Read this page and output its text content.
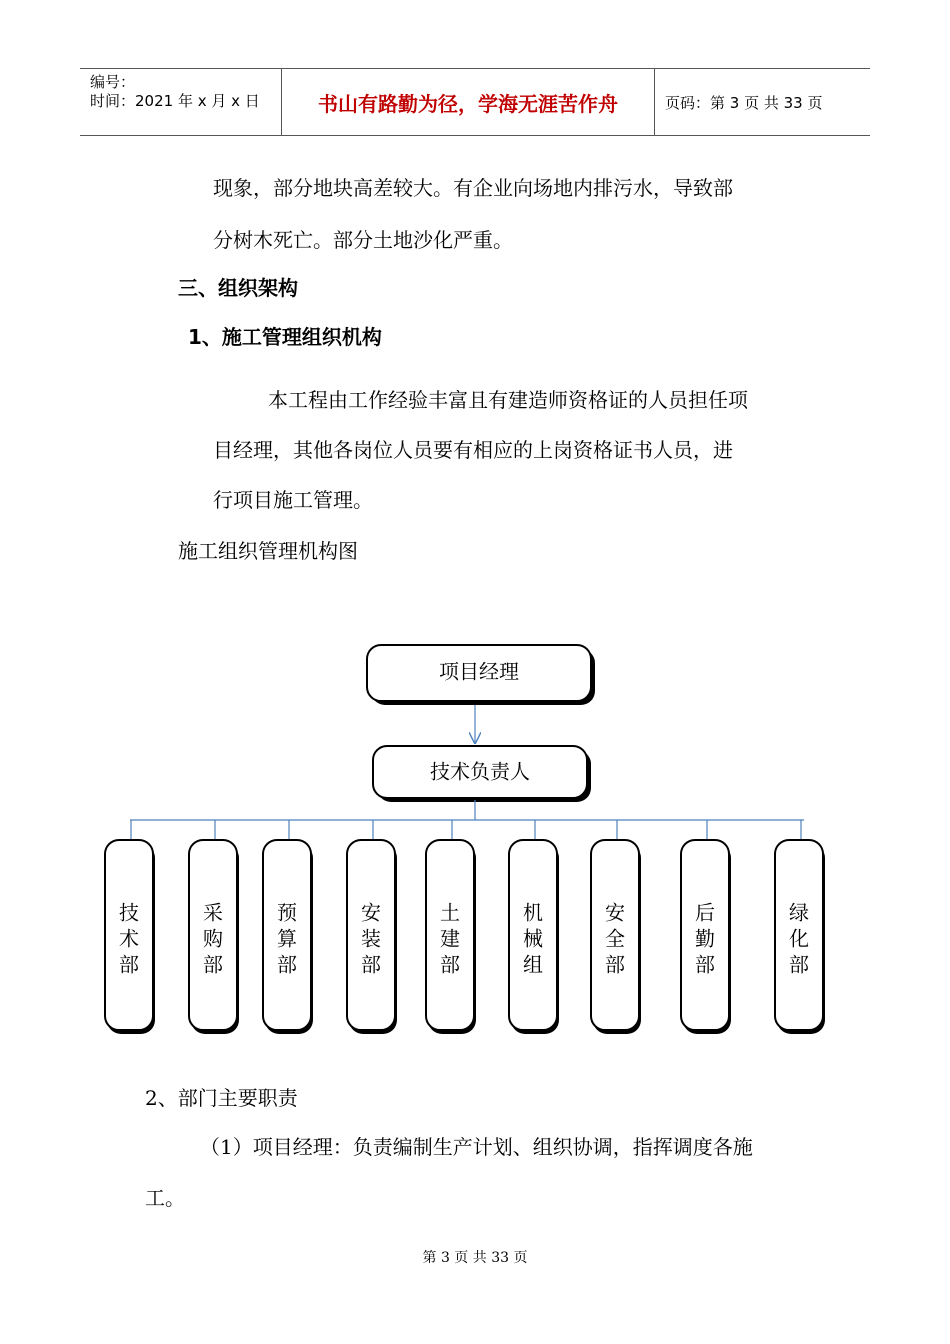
编号：
时间：2021 年 x 月 x 日	书山有路勤为径，学海无涯苦作舟	页码：第 3 页 共 33 页
现象，部分地块高差较大。有企业向场地内排污水，导致部
分树木死亡。部分土地沙化严重。
三、组织架构
1、施工管理组织机构
本工程由工作经验丰富且有建造师资格证的人员担任项
目经理，其他各岗位人员要有相应的上岗资格证书人员，进
行项目施工管理。
施工组织管理机构图
项目经理
技术负责人
技
术
部
采
购
部
预
算
部
安
装
部
土
建
部
机
械
组
安
全
部
后
勤
部
绿
化
部
2、部门主要职责
（1）项目经理：负责编制生产计划、组织协调，指挥调度各施
工。
第 3 页 共 33 页
